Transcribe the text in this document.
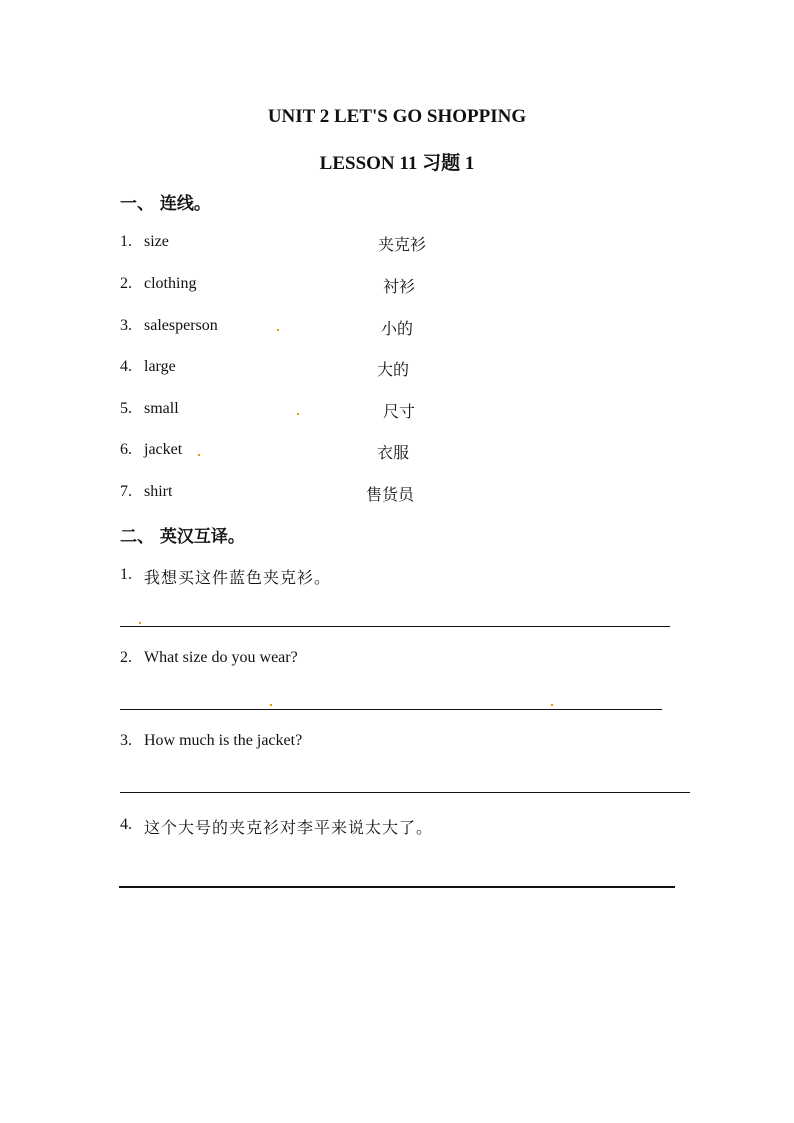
UNIT 2 LET'S GO SHOPPING
LESSON 11 习题 1
一、 连线。
1. size	夹克衫
2. clothing	衬衫
3. salesperson	小的
4. large	大的
5. small	尺寸
6. jacket	衣服
7. shirt	售货员
二、 英汉互译。
1. 我想买这件蓝色夹克衫。
2. What size do you wear?
3. How much is the jacket?
4. 这个大号的夹克衫对李平来说太大了。
